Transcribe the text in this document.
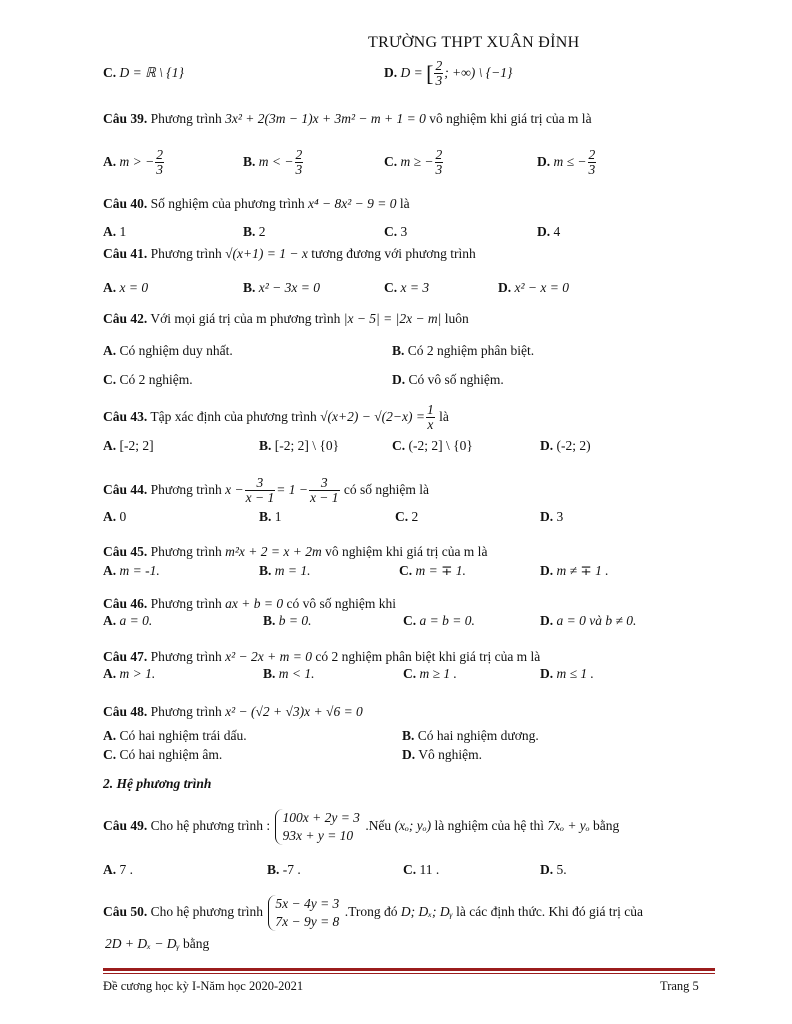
TRƯỜNG THPT XUÂN ĐỈNH
C. D = ℝ \ {1}	D. D = [ $\frac{2}{3}$ ; +∞) \ {−1}
Câu 39. Phương trình 3x² + 2(3m − 1)x + 3m² − m + 1 = 0 vô nghiệm khi giá trị của m là
A. m > − $\frac{2}{3}$	B. m < − $\frac{2}{3}$	C. m ≥ − $\frac{2}{3}$	D. m ≤ − $\frac{2}{3}$
Câu 40. Số nghiệm của phương trình x⁴ − 8x² − 9 = 0 là
A. 1	B. 2	C. 3	D. 4
Câu 41. Phương trình √(x+1) = 1 − x tương đương với phương trình
A. x = 0	B. x² − 3x = 0	C. x = 3	D. x² − x = 0
Câu 42. Với mọi giá trị của m phương trình |x − 5| = |2x − m| luôn
A. Có nghiệm duy nhất.	B. Có 2 nghiệm phân biệt.
C. Có 2 nghiệm.	D. Có vô số nghiệm.
Câu 43. Tập xác định của phương trình $√(x+2) - √(2-x) = \frac{1}{x}$ là
A. [-2; 2]	B. [-2; 2] \ {0}	C. (-2; 2] \ {0}	D. (-2; 2)
Câu 44. Phương trình $x - \frac{3}{x - 1} = 1 - \frac{3}{x - 1}$ có số nghiệm là
A. 0	B. 1	C. 2	D. 3
Câu 45. Phương trình m²x + 2 = x + 2m vô nghiệm khi giá trị của m là
A. m = -1.	B. m = 1.	C. m = ∓ 1.	D. m ≠ ∓ 1 .
Câu 46. Phương trình ax + b = 0 có vô số nghiệm khi
A. a = 0.	B. b = 0.	C. a = b = 0.	D. a = 0 và b ≠ 0.
Câu 47. Phương trình x² − 2x + m = 0 có 2 nghiệm phân biệt khi giá trị của m là
A. m > 1.	B. m < 1.	C. m ≥ 1 .	D. m ≤ 1 .
Câu 48. Phương trình x² − (√2 + √3)x + √6 = 0
A. Có hai nghiệm trái dấu.	B. Có hai nghiệm dương.
C. Có hai nghiệm âm.	D. Vô nghiệm.
2. Hệ phương trình
Câu 49. Cho hệ phương trình :
100x + 2y = 3
93x + y = 10
.Nếu (xₒ; yₒ) là nghiệm của hệ thì 7xₒ + yₒ bằng
A. 7 .	B. -7 .	C. 11 .	D. 5.
Câu 50. Cho hệ phương trình
5x − 4y = 3
7x − 9y = 8
.Trong đó D; Dₓ; Dᵧ là các định thức. Khi đó giá trị của
2D + Dₓ − Dᵧ bằng
Đề cương học kỳ I-Năm học 2020-2021	Trang 5
